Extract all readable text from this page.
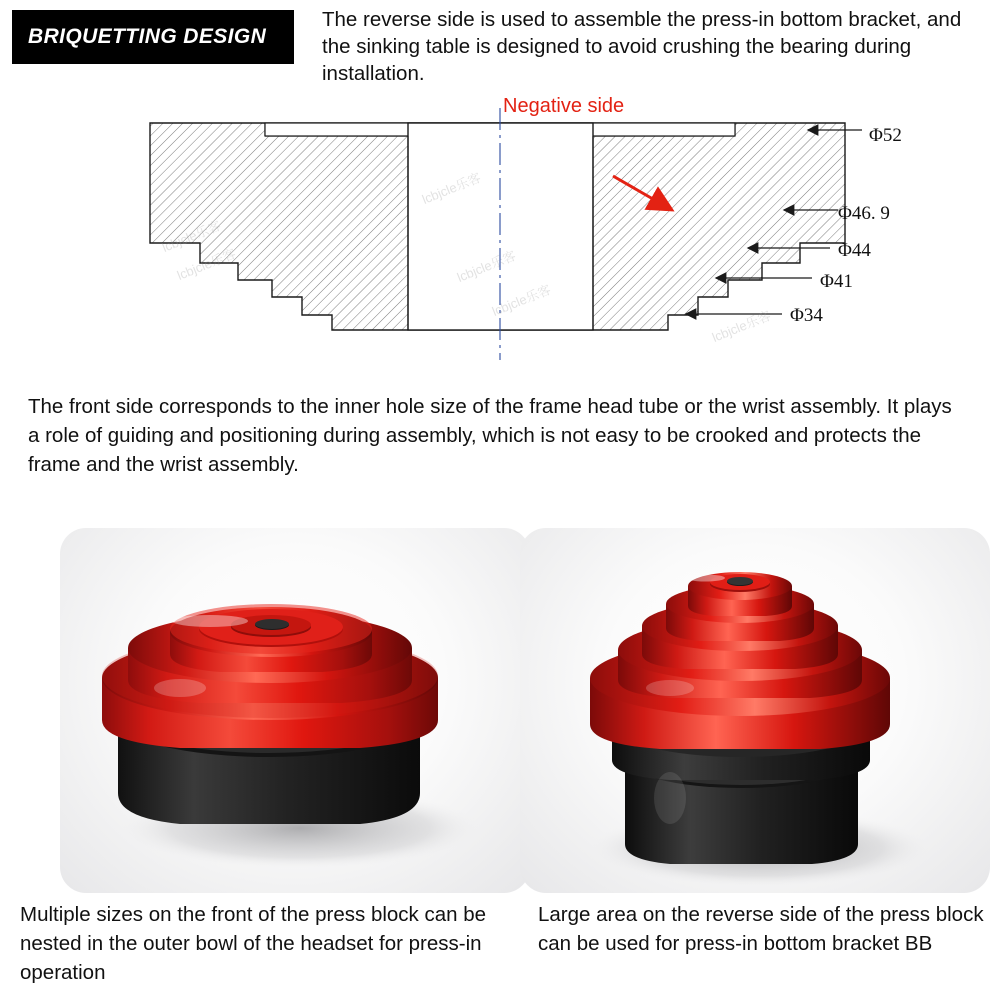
BRIQUETTING DESIGN
The reverse side is used to assemble the press-in bottom bracket, and the sinking table is designed to avoid crushing the bearing during installation.
lcbjcle乐客
lcbjcle乐客
lcbjcle乐客
lcbjcle乐客
lcbjcle乐客
lcbjcle乐客
Negative side
Φ52
Φ46. 9
Φ44
Φ41
Φ34
The front side corresponds to the inner hole size of the frame head tube or the wrist assembly. It plays a role of guiding and positioning during assembly, which is not easy to be crooked and protects the frame and the wrist assembly.
Multiple sizes on the front of the press block can be nested in the outer bowl of the headset for press-in operation
Large area on the reverse side of the press block can be used for press-in bottom bracket BB
